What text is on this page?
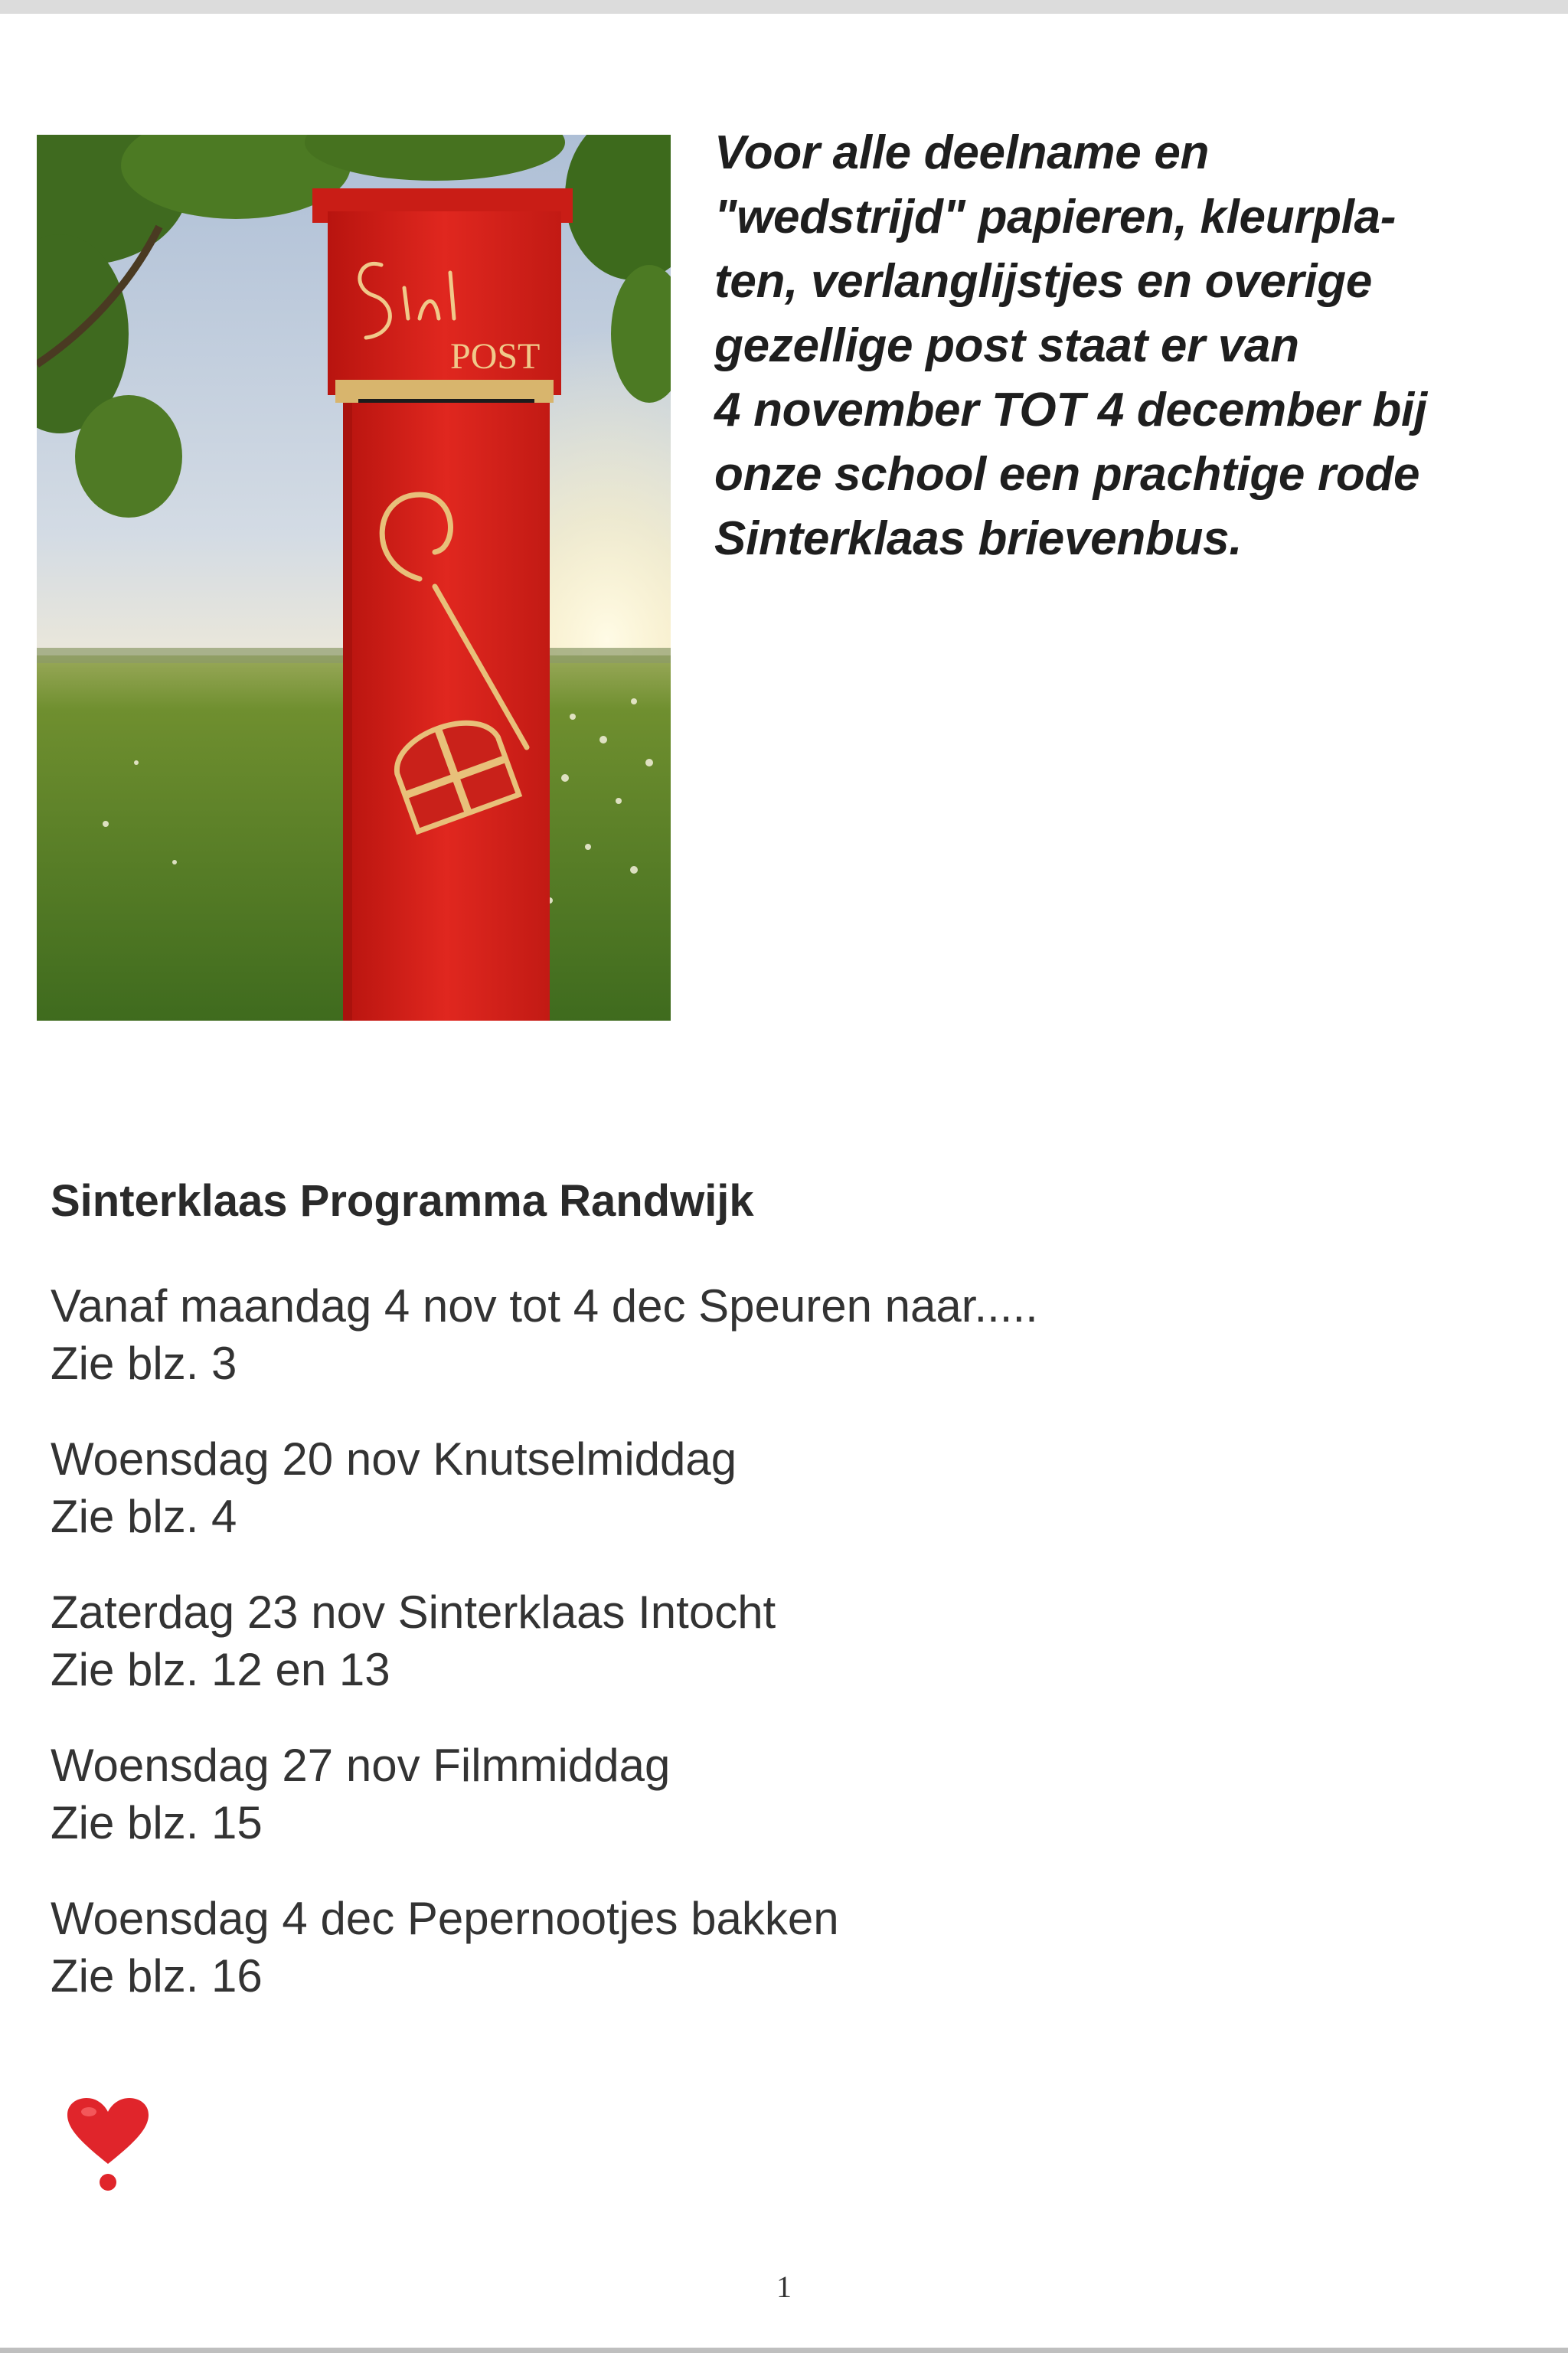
POST
Voor alle deelname en
"wedstrijd" papieren, kleurpla-
ten, verlanglijstjes en overige
gezellige post staat er van
4 november TOT 4 december bij
onze school een prachtige rode
Sinterklaas brievenbus.
Sinterklaas Programma Randwijk
Vanaf maandag 4 nov tot 4 dec Speuren naar.....
Zie blz. 3
Woensdag 20 nov Knutselmiddag
Zie blz. 4
Zaterdag 23 nov Sinterklaas Intocht
Zie blz. 12 en 13
Woensdag 27 nov Filmmiddag
Zie blz. 15
Woensdag 4 dec Pepernootjes bakken
Zie blz. 16
1
